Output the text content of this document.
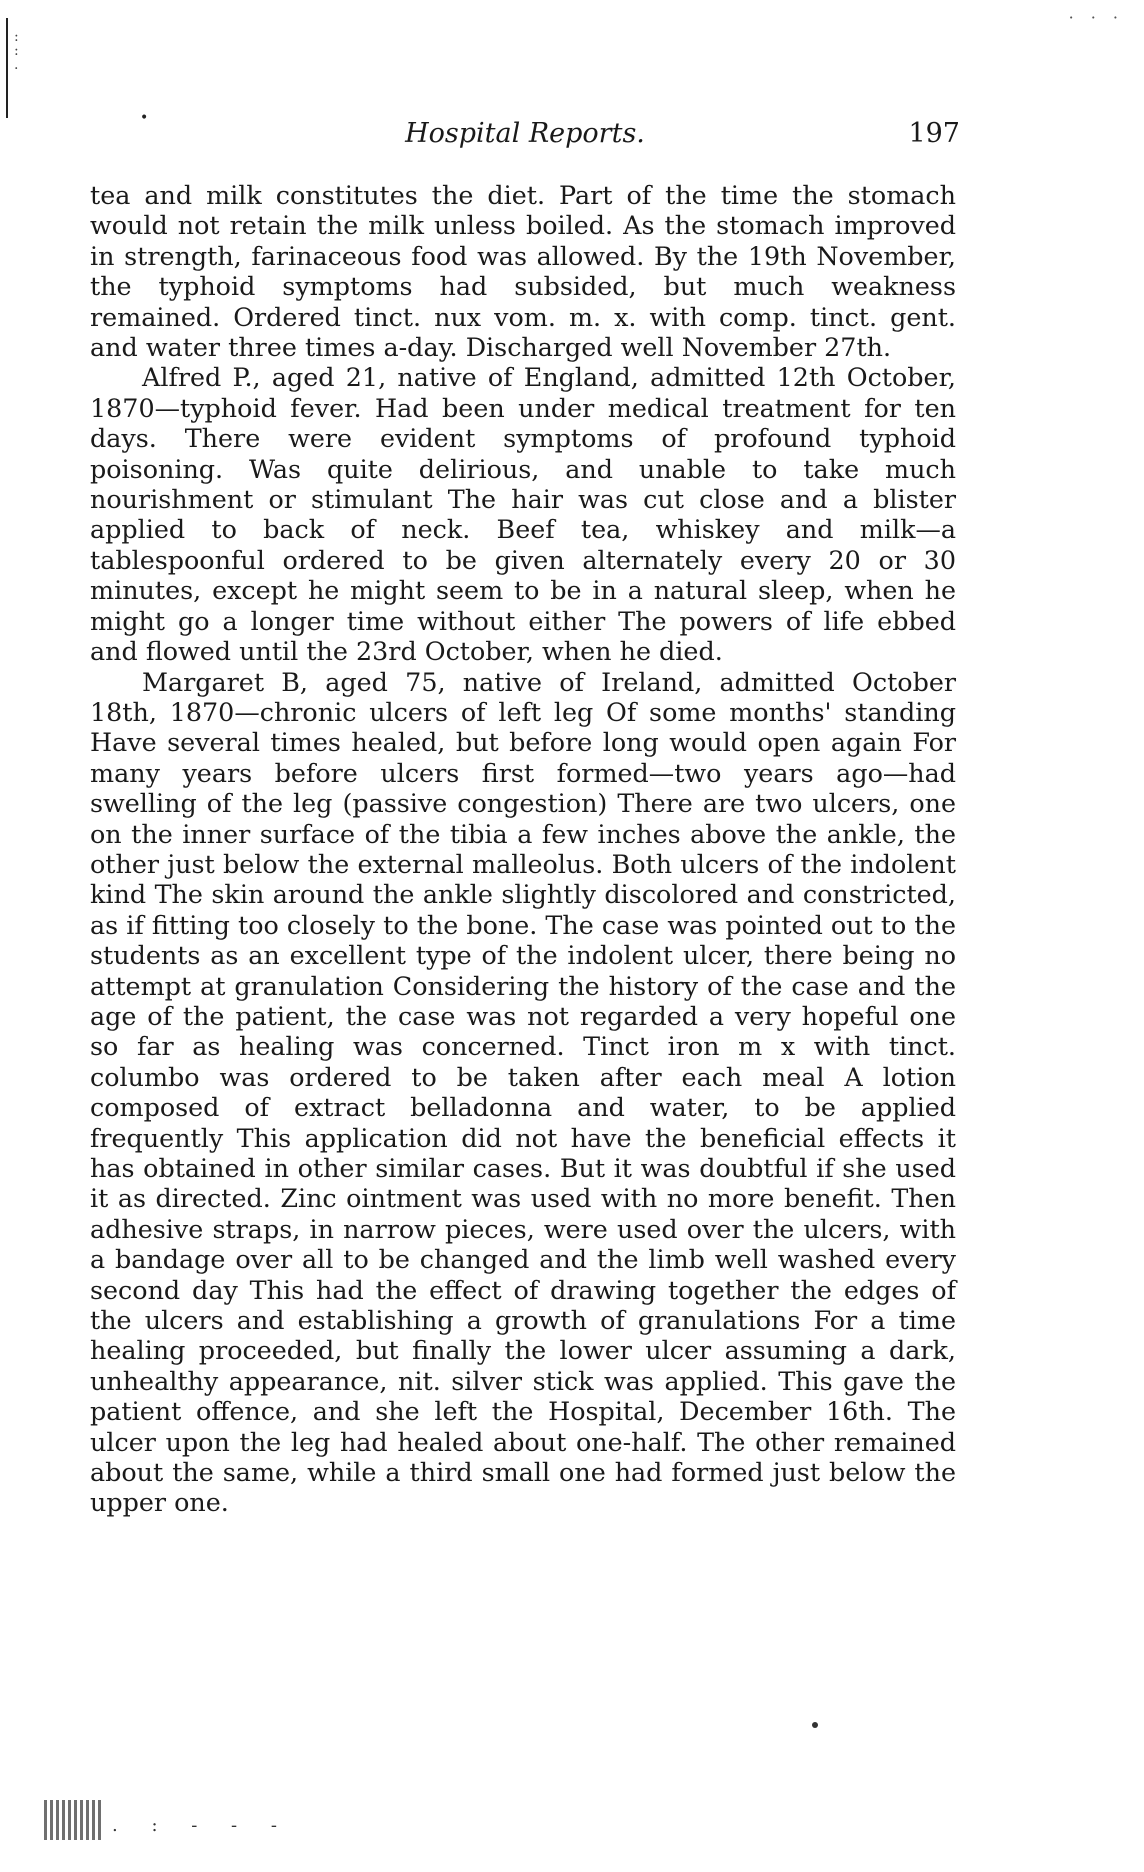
:
:
.
· · ·
•	Hospital Reports.	197

tea and milk constitutes the diet. Part of the time the stomach would not retain the milk unless boiled. As the stomach improved in strength, farinaceous food was allowed. By the 19th November, the typhoid symptoms had subsided, but much weakness remained. Ordered tinct. nux vom. m. x. with comp. tinct. gent. and water three times a-day. Discharged well November 27th.

Alfred P., aged 21, native of England, admitted 12th October, 1870—typhoid fever. Had been under medical treatment for ten days. There were evident symptoms of profound typhoid poisoning. Was quite delirious, and unable to take much nourishment or stimulant The hair was cut close and a blister applied to back of neck. Beef tea, whiskey and milk—a tablespoonful ordered to be given alternately every 20 or 30 minutes, except he might seem to be in a natural sleep, when he might go a longer time without either The powers of life ebbed and flowed until the 23rd October, when he died.

Margaret B, aged 75, native of Ireland, admitted October 18th, 1870—chronic ulcers of left leg Of some months' standing Have several times healed, but before long would open again For many years before ulcers first formed—two years ago—had swelling of the leg (passive congestion) There are two ulcers, one on the inner surface of the tibia a few inches above the ankle, the other just below the external malleolus. Both ulcers of the indolent kind The skin around the ankle slightly discolored and constricted, as if fitting too closely to the bone. The case was pointed out to the students as an excellent type of the indolent ulcer, there being no attempt at granulation Considering the history of the case and the age of the patient, the case was not regarded a very hopeful one so far as healing was concerned. Tinct iron m x with tinct. columbo was ordered to be taken after each meal A lotion composed of extract belladonna and water, to be applied frequently This application did not have the beneficial effects it has obtained in other similar cases. But it was doubtful if she used it as directed. Zinc ointment was used with no more benefit. Then adhesive straps, in narrow pieces, were used over the ulcers, with a bandage over all to be changed and the limb well washed every second day This had the effect of drawing together the edges of the ulcers and establishing a growth of granulations For a time healing proceeded, but finally the lower ulcer assuming a dark, unhealthy appearance, nit. silver stick was applied. This gave the patient offence, and she left the Hospital, December 16th. The ulcer upon the leg had healed about one-half. The other remained about the same, while a third small one had formed just below the upper one.

. : - - -
